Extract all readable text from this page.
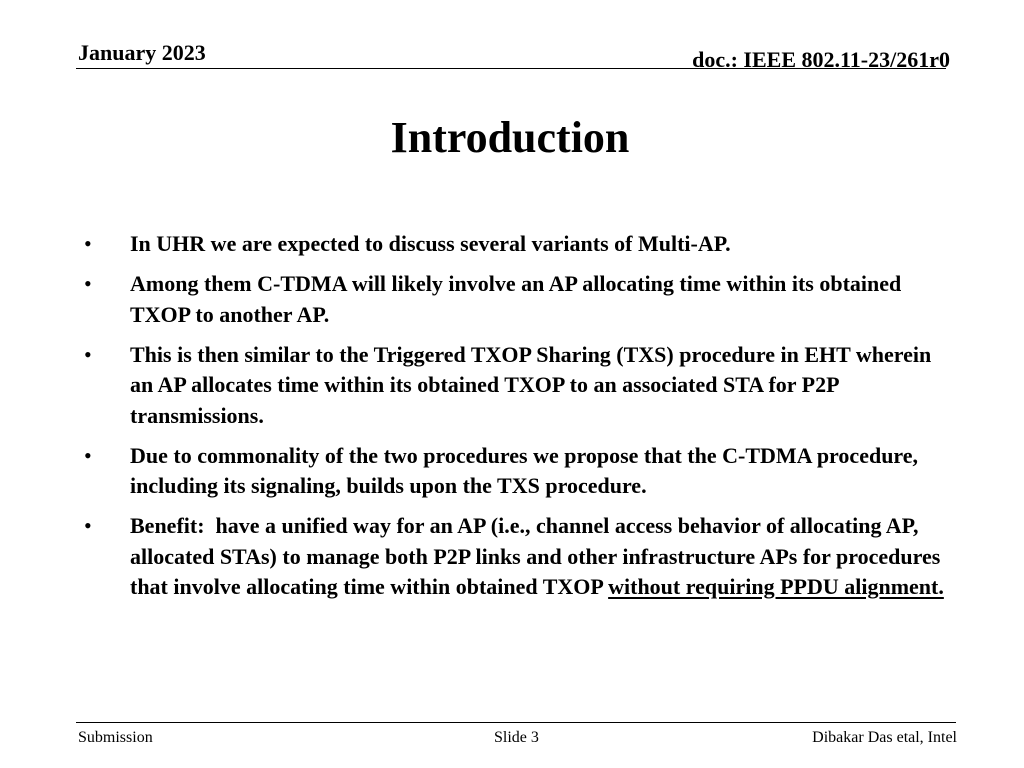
January 2023	doc.: IEEE 802.11-23/261r0
Introduction
•	In UHR we are expected to discuss several variants of Multi-AP.
•	Among them C-TDMA will likely involve an AP allocating time within its obtained TXOP to another AP.
•	This is then similar to the Triggered TXOP Sharing (TXS) procedure in EHT wherein  an AP allocates time within its obtained TXOP to an associated STA for P2P transmissions.
•	Due to commonality of the two procedures we propose that the C-TDMA procedure, including its signaling, builds upon the TXS procedure.
•	Benefit:  have a unified way for an AP (i.e., channel access behavior of allocating AP, allocated STAs) to manage both P2P links and other infrastructure APs for procedures that involve allocating time within obtained TXOP without requiring PPDU alignment.
Submission	Slide 3	Dibakar Das etal, Intel
